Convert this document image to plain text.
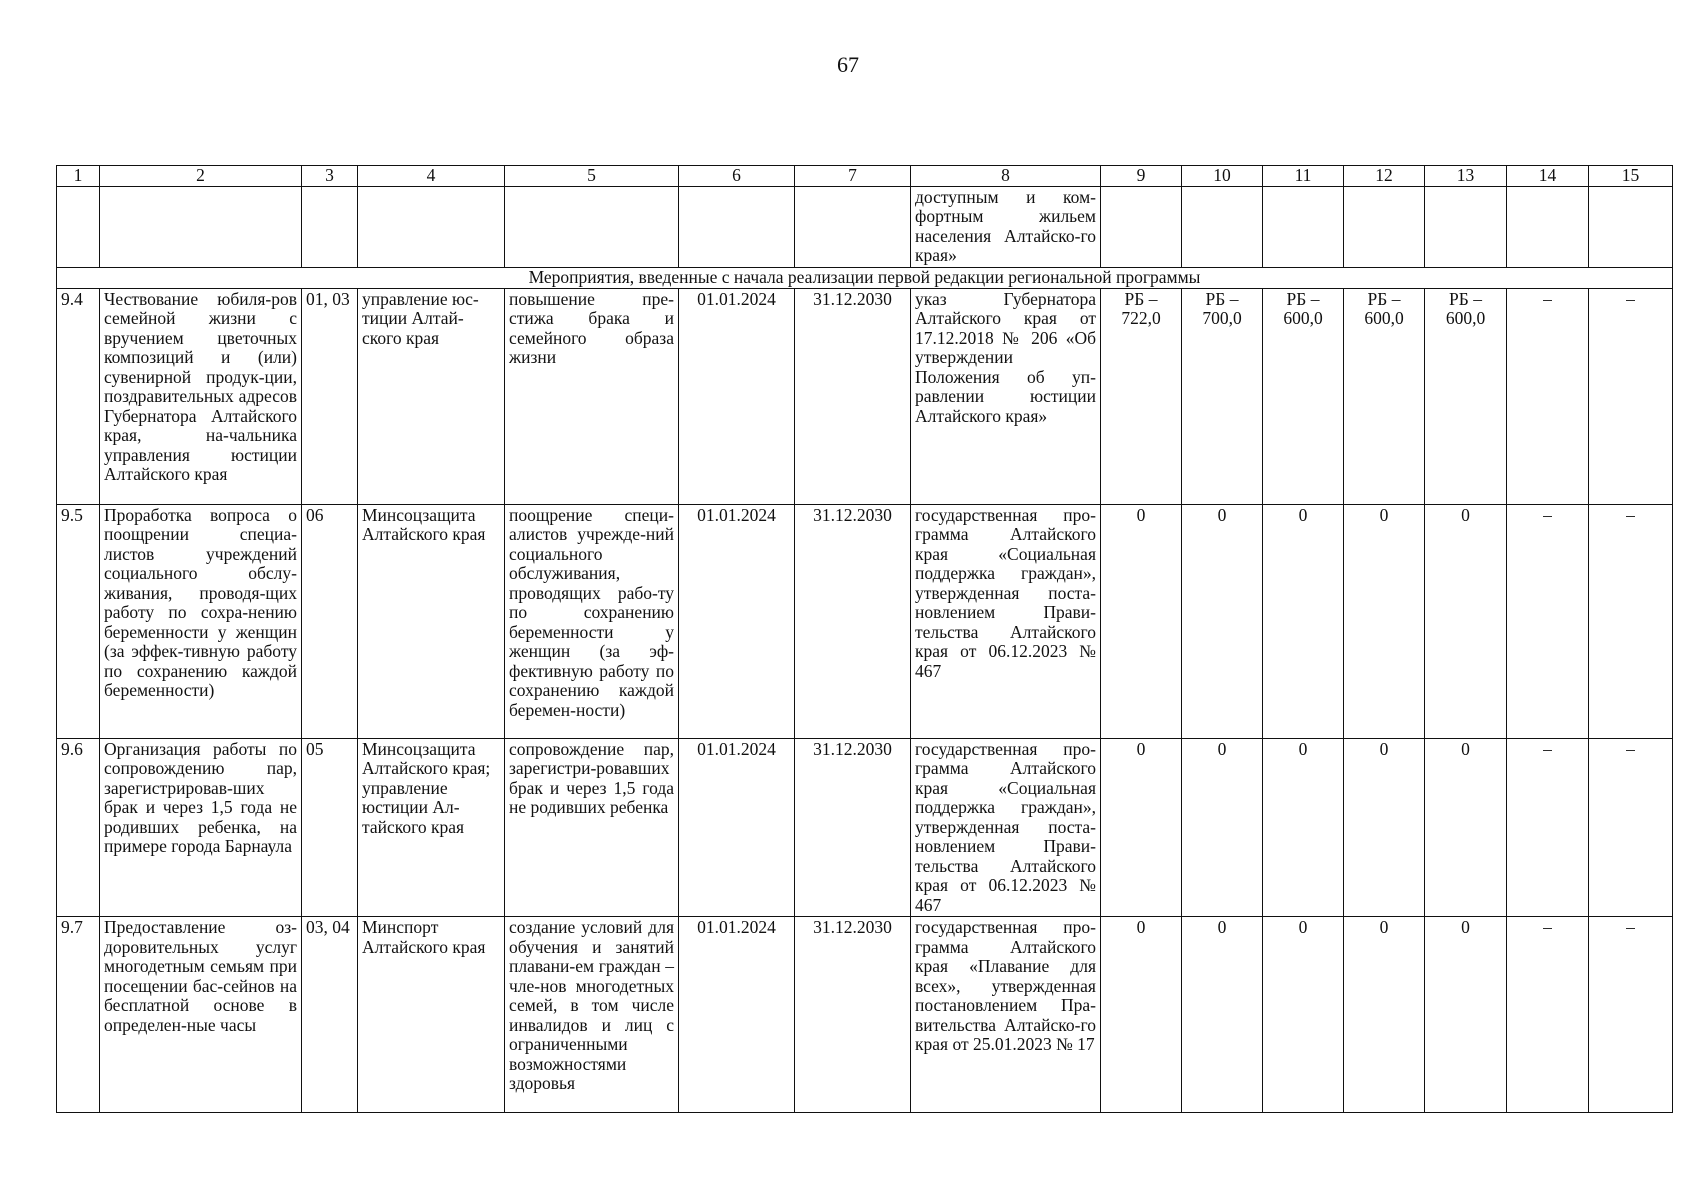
67
1	2	3	4	5	6	7	8	9	10	11	12	13	14	15
							доступным и ком-фортным жильем населения Алтайско-го края»							
Мероприятия, введенные с начала реализации первой редакции региональной программы														
9.4	Чествование юбиля-ров семейной жизни с вручением цветочных композиций и (или) сувенирной продук-ции, поздравительных адресов Губернатора Алтайского края, на-чальника управления юстиции Алтайского края	01, 03	управление юс-тиции Алтай-ского края	повышение пре-стижа брака и семейного образа жизни	01.01.2024	31.12.2030	указ Губернатора Алтайского края от 17.12.2018 № 206 «Об утверждении Положения об уп-равлении юстиции Алтайского края»	РБ – 722,0	РБ – 700,0	РБ – 600,0	РБ – 600,0	РБ – 600,0	–	–
9.5	Проработка вопроса о поощрении специа-листов учреждений социального обслу-живания, проводя-щих работу по сохра-нению беременности у женщин (за эффек-тивную работу по сохранению каждой беременности)	06	Минсоцзащита Алтайского края	поощрение специ-алистов учрежде-ний социального обслуживания, проводящих рабо-ту по сохранению беременности у женщин (за эф-фективную работу по сохранению каждой беремен-ности)	01.01.2024	31.12.2030	государственная про-грамма Алтайского края «Социальная поддержка граждан», утвержденная поста-новлением Прави-тельства Алтайского края от 06.12.2023 № 467	0	0	0	0	0	–	–
9.6	Организация работы по сопровождению пар, зарегистрировав-ших брак и через 1,5 года не родивших ребенка, на примере города Барнаула	05	Минсоцзащита Алтайского края; управление юстиции Ал-тайского края	сопровождение пар, зарегистри-ровавших брак и через 1,5 года не родивших ребенка	01.01.2024	31.12.2030	государственная про-грамма Алтайского края «Социальная поддержка граждан», утвержденная поста-новлением Прави-тельства Алтайского края от 06.12.2023 № 467	0	0	0	0	0	–	–
9.7	Предоставление оз-доровительных услуг многодетным семьям при посещении бас-сейнов на бесплатной основе в определен-ные часы	03, 04	Минспорт Алтайского края	создание условий для обучения и занятий плавани-ем граждан – чле-нов многодетных семей, в том числе инвалидов и лиц с ограниченными возможностями здоровья	01.01.2024	31.12.2030	государственная про-грамма Алтайского края «Плавание для всех», утвержденная постановлением Пра-вительства Алтайско-го края от 25.01.2023 № 17	0	0	0	0	0	–	–
